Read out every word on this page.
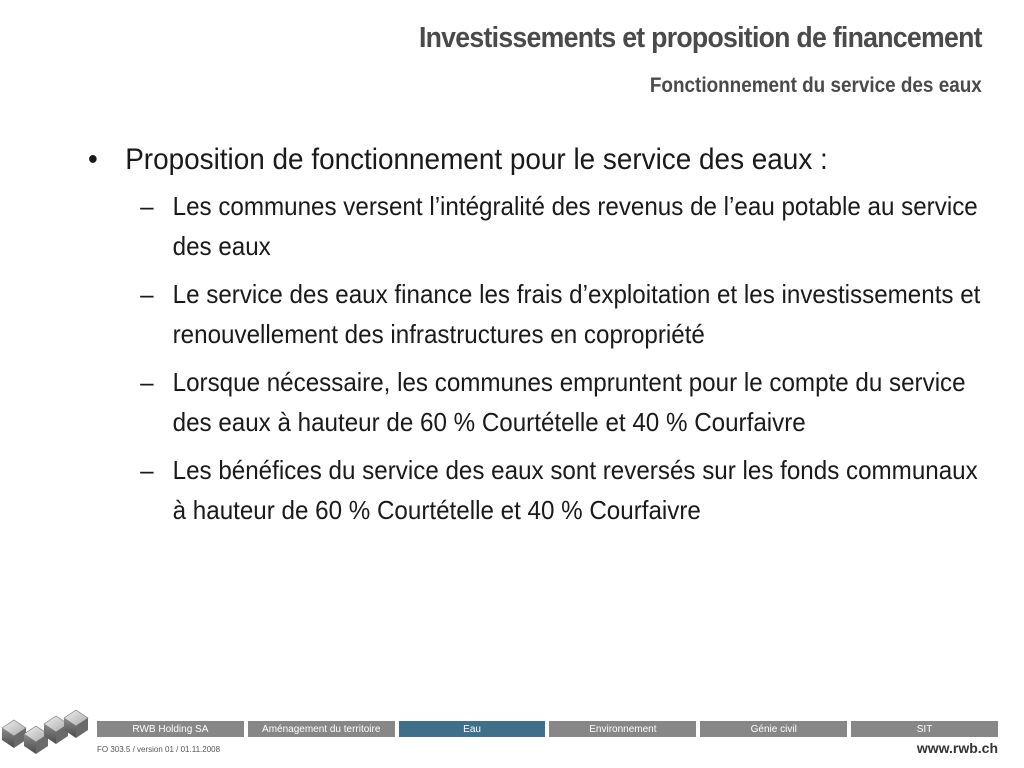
Investissements et proposition de financement
Fonctionnement du service des eaux
• Proposition de fonctionnement pour le service des eaux :
– Les communes versent l’intégralité des revenus de l’eau potable au service des eaux
– Le service des eaux finance les frais d’exploitation et les investissements et renouvellement des infrastructures en copropriété
– Lorsque nécessaire, les communes empruntent pour le compte du service des eaux à hauteur de 60 % Courtételle et 40 % Courfaivre
– Les bénéfices du service des eaux sont reversés sur les fonds communaux à hauteur de 60 % Courtételle et 40 % Courfaivre
RWB Holding SA	Aménagement du territoire	Eau	Environnement	Génie civil	SIT
FO 303.5 / version 01 / 01.11.2008	www.rwb.ch
